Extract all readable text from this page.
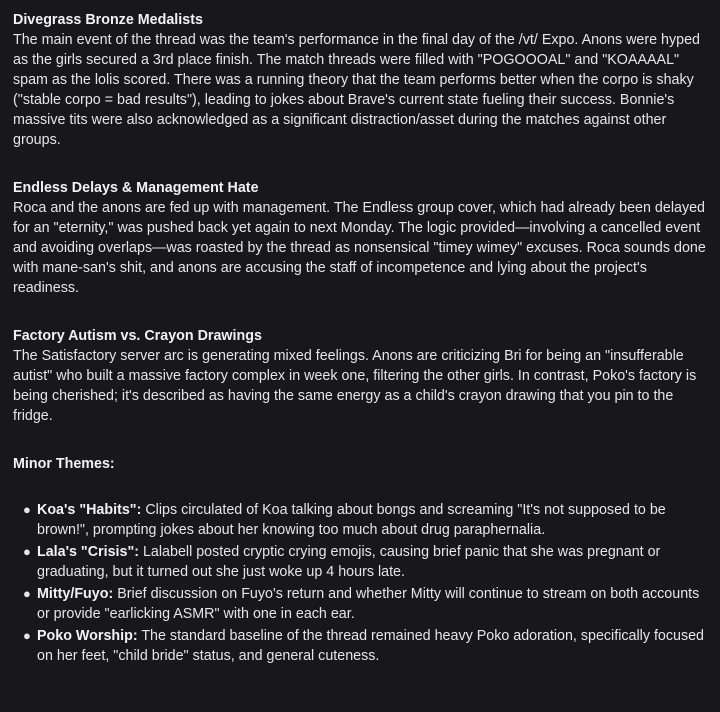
Divegrass Bronze Medalists
The main event of the thread was the team's performance in the final day of the /vt/ Expo. Anons were hyped as the girls secured a 3rd place finish. The match threads were filled with "POGOOOAL" and "KOAAAAL" spam as the lolis scored. There was a running theory that the team performs better when the corpo is shaky ("stable corpo = bad results"), leading to jokes about Brave's current state fueling their success. Bonnie's massive tits were also acknowledged as a significant distraction/asset during the matches against other groups.
Endless Delays & Management Hate
Roca and the anons are fed up with management. The Endless group cover, which had already been delayed for an "eternity," was pushed back yet again to next Monday. The logic provided—involving a cancelled event and avoiding overlaps—was roasted by the thread as nonsensical "timey wimey" excuses. Roca sounds done with mane-san's shit, and anons are accusing the staff of incompetence and lying about the project's readiness.
Factory Autism vs. Crayon Drawings
The Satisfactory server arc is generating mixed feelings. Anons are criticizing Bri for being an "insufferable autist" who built a massive factory complex in week one, filtering the other girls. In contrast, Poko's factory is being cherished; it's described as having the same energy as a child's crayon drawing that you pin to the fridge.
Minor Themes:
● Koa's "Habits": Clips circulated of Koa talking about bongs and screaming "It's not supposed to be brown!", prompting jokes about her knowing too much about drug paraphernalia.
● Lala's "Crisis": Lalabell posted cryptic crying emojis, causing brief panic that she was pregnant or graduating, but it turned out she just woke up 4 hours late.
● Mitty/Fuyo: Brief discussion on Fuyo's return and whether Mitty will continue to stream on both accounts or provide "earlicking ASMR" with one in each ear.
● Poko Worship: The standard baseline of the thread remained heavy Poko adoration, specifically focused on her feet, "child bride" status, and general cuteness.
